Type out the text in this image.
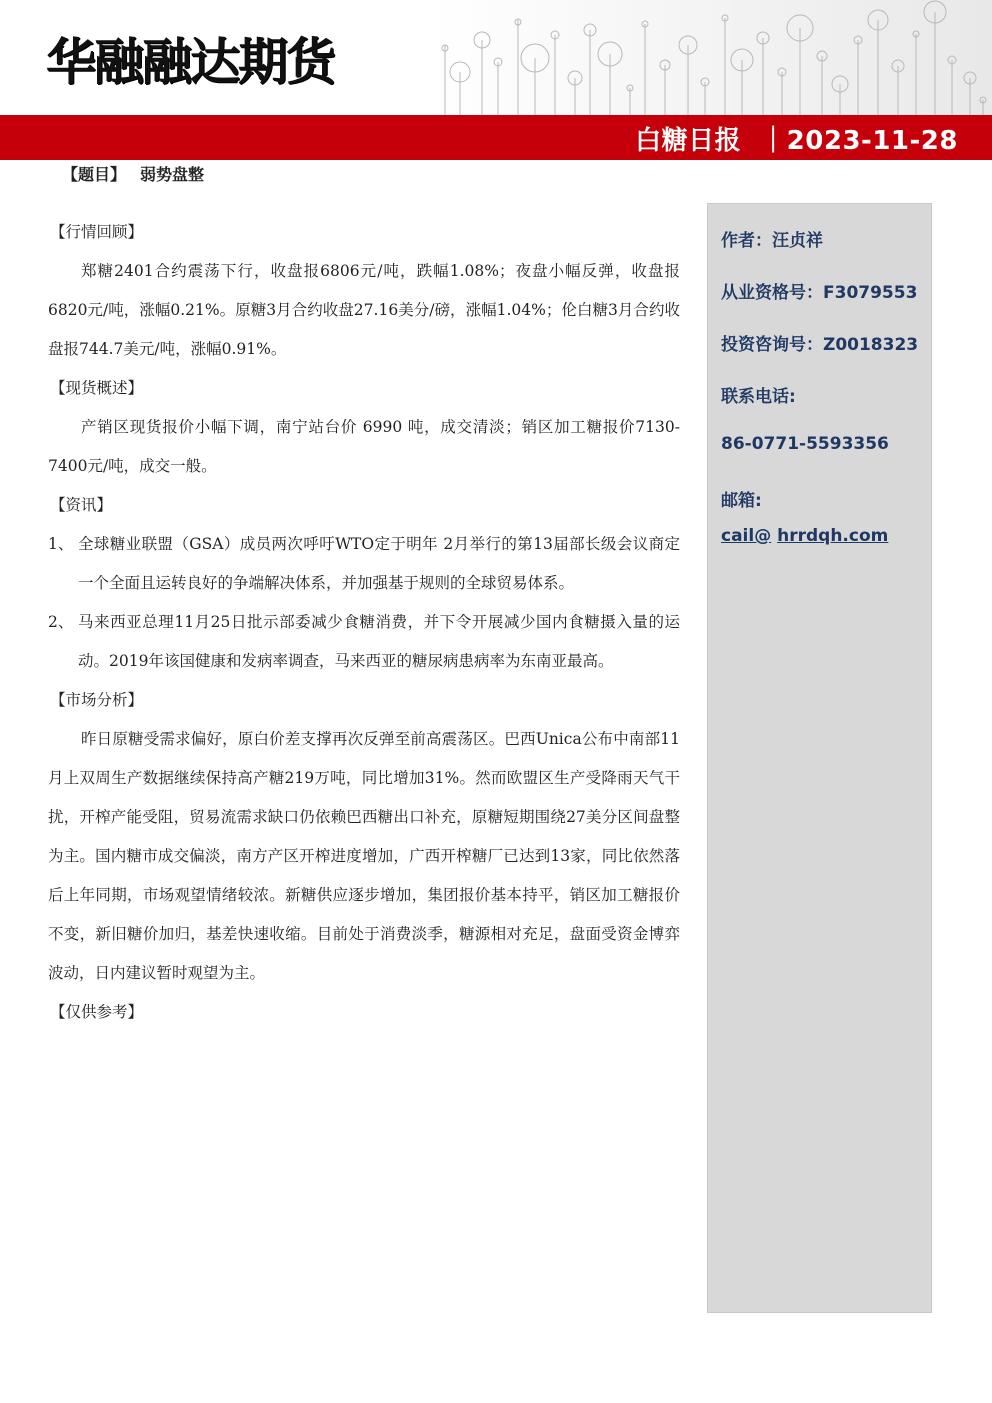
华融融达期货
白糖日报  ｜2023-11-28
【题目】 弱势盘整

【行情回顾】

郑糖2401合约震荡下行，收盘报6806元/吨，跌幅1.08%；夜盘小幅反弹，收盘报6820元/吨，涨幅0.21%。原糖3月合约收盘27.16美分/磅，涨幅1.04%；伦白糖3月合约收盘报744.7美元/吨，涨幅0.91%。

【现货概述】

产销区现货报价小幅下调，南宁站台价 6990 吨，成交清淡；销区加工糖报价7130-7400元/吨，成交一般。

【资讯】

1、 全球糖业联盟（GSA）成员两次呼吁WTO定于明年 2月举行的第13届部长级会议商定一个全面且运转良好的争端解决体系，并加强基于规则的全球贸易体系。
2、 马来西亚总理11月25日批示部委减少食糖消费，并下令开展减少国内食糖摄入量的运动。2019年该国健康和发病率调查，马来西亚的糖尿病患病率为东南亚最高。

【市场分析】

昨日原糖受需求偏好，原白价差支撑再次反弹至前高震荡区。巴西Unica公布中南部11月上双周生产数据继续保持高产糖219万吨，同比增加31%。然而欧盟区生产受降雨天气干扰，开榨产能受阻，贸易流需求缺口仍依赖巴西糖出口补充，原糖短期围绕27美分区间盘整为主。国内糖市成交偏淡，南方产区开榨进度增加，广西开榨糖厂已达到13家，同比依然落后上年同期，市场观望情绪较浓。新糖供应逐步增加，集团报价基本持平，销区加工糖报价不变，新旧糖价加归，基差快速收缩。目前处于消费淡季，糖源相对充足，盘面受资金博弈波动，日内建议暂时观望为主。

【仅供参考】

作者：汪贞祥
从业资格号：F3079553
投资咨询号：Z0018323
联系电话:
86-0771-5593356
邮箱:
cail@ hrrdqh.com
